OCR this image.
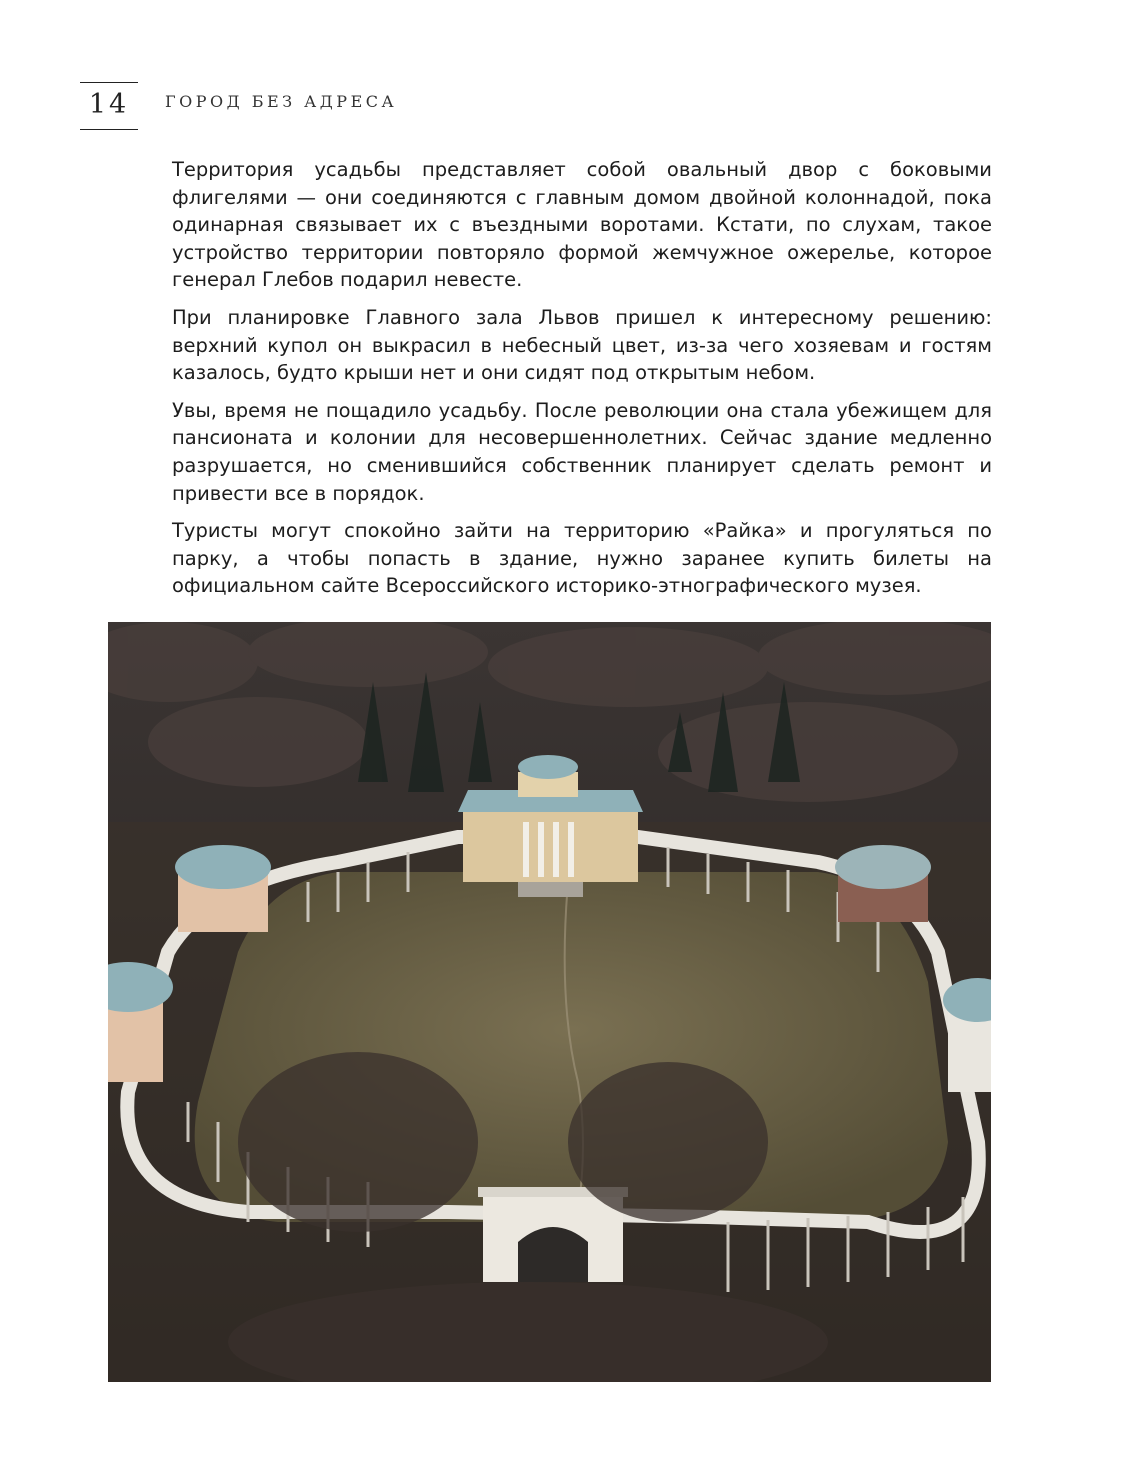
14	ГОРОД БЕЗ АДРЕСА

Территория усадьбы представляет собой овальный двор с боковыми флигелями — они соединяются с главным домом двойной колоннадой, пока одинарная связывает их с въездными воротами. Кстати, по слухам, такое устройство территории повторяло формой жемчужное ожерелье, которое генерал Глебов подарил невесте.

При планировке Главного зала Львов пришел к интересному решению: верхний купол он выкрасил в небесный цвет, из-за чего хозяевам и гостям казалось, будто крыши нет и они сидят под открытым небом.

Увы, время не пощадило усадьбу. После революции она стала убежищем для пансионата и колонии для несовершеннолетних. Сейчас здание медленно разрушается, но сменившийся собственник планирует сделать ремонт и привести все в порядок.

Туристы могут спокойно зайти на территорию «Райка» и прогуляться по парку, а чтобы попасть в здание, нужно заранее купить билеты на официальном сайте Всероссийского историко-этнографического музея.
